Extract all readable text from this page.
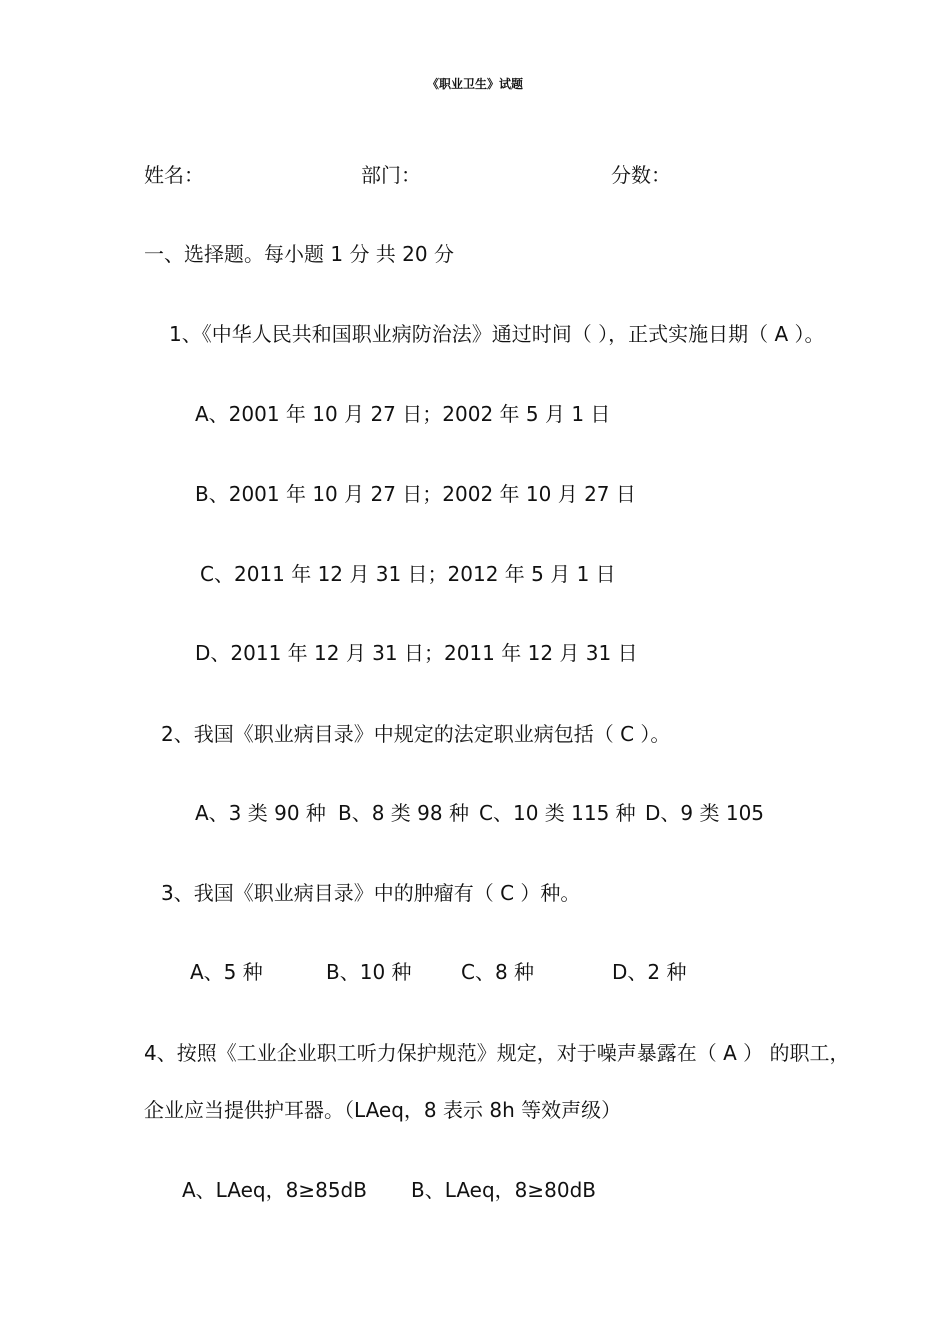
《职业卫生》试题
姓名：	部门：	分数：
一、选择题。每小题 1 分 共 20 分
1、《中华人民共和国职业病防治法》通过时间（ ），正式实施日期（ A ）。
A、2001 年 10 月 27 日；2002 年 5 月 1 日
B、2001 年 10 月 27 日；2002 年 10 月 27 日
C、2011 年 12 月 31 日；2012 年 5 月 1 日
D、2011 年 12 月 31 日；2011 年 12 月 31 日
2、我国《职业病目录》中规定的法定职业病包括（ C ）。
A、3 类 90 种 B、8 类 98 种 C、10 类 115 种 D、9 类 105
3、我国《职业病目录》中的肿瘤有（ C ）种。
A、5 种	B、10 种 C、8 种	D、2 种
4、按照《工业企业职工听力保护规范》规定，对于噪声暴露在（ A ） 的职工，
企业应当提供护耳器。（LAeq，8 表示 8h 等效声级）
A、LAeq，8≥85dB B、LAeq，8≥80dB
